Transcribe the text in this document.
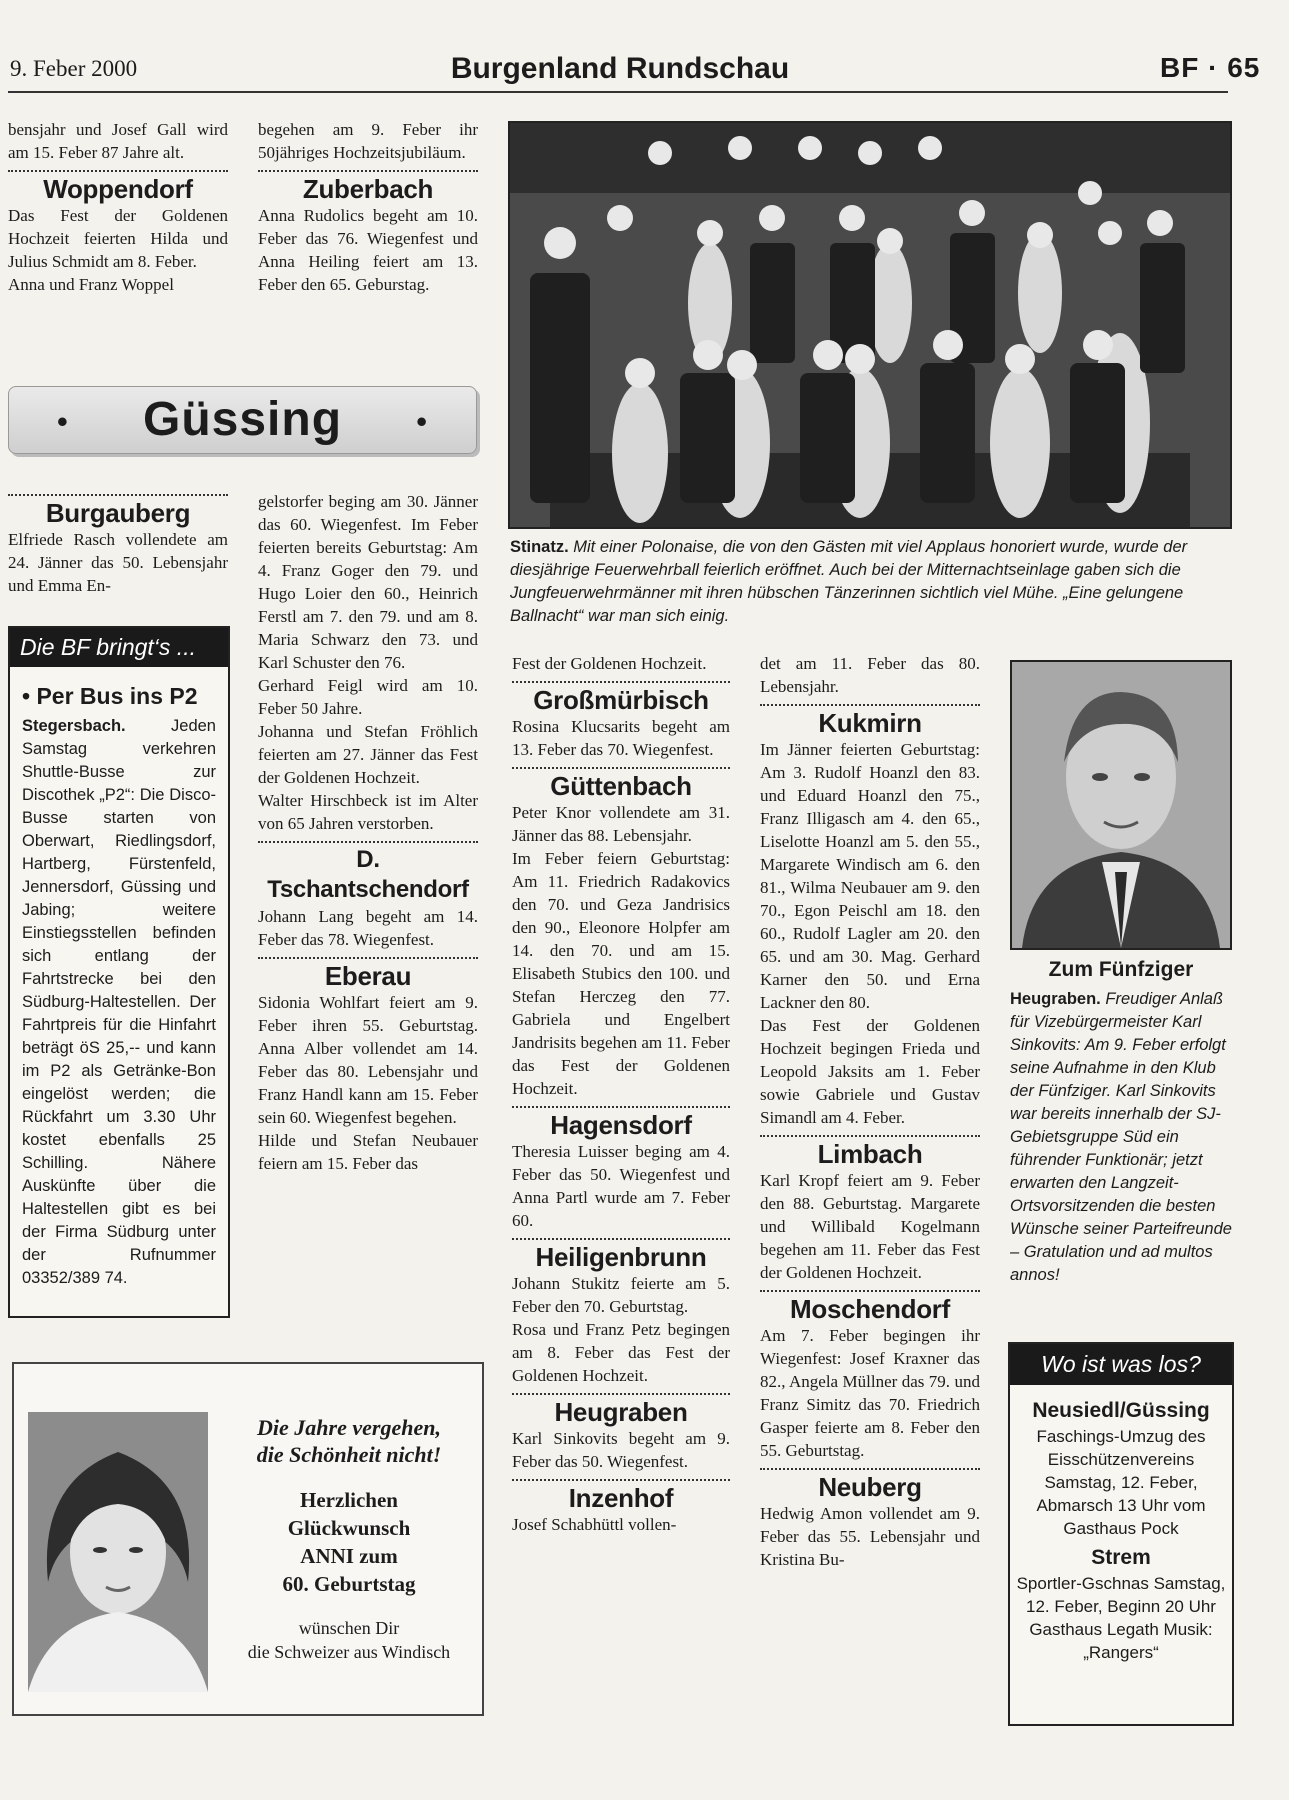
9. Feber 2000	Burgenland Rundschau	BF · 65

bensjahr und Josef Gall wird am 15. Feber 87 Jahre alt.

Woppendorf

Das Fest der Goldenen Hochzeit feierten Hilda und Julius Schmidt am 8. Feber.

Anna und Franz Woppel

begehen am 9. Feber ihr 50jähriges Hochzeitsjubiläum.

Zuberbach

Anna Rudolics begeht am 10. Feber das 76. Wiegenfest und Anna Heiling feiert am 13. Feber den 65. Geburstag.

• Güssing •
Burgauberg

Elfriede Rasch vollendete am 24. Jänner das 50. Lebensjahr und Emma En-

Die BF bringt‘s ...
• Per Bus ins P2
Stegersbach.	Jeden Samstag verkehren Shuttle-Busse zur Discothek „P2“: Die Disco-Busse starten von Oberwart, Riedlingsdorf, Hartberg, Fürstenfeld, Jennersdorf, Güssing und Jabing; weitere Einstiegsstellen befinden sich entlang der Fahrtstrecke bei den Südburg-Haltestellen. Der Fahrtpreis für die Hinfahrt beträgt öS 25,-- und kann im P2 als Getränke-Bon eingelöst werden; die Rückfahrt um 3.30 Uhr kostet ebenfalls 25 Schilling. Nähere Auskünfte über die Haltestellen gibt es bei der Firma Südburg unter der Rufnummer 03352/389 74.

gelstorfer beging am 30. Jänner das 60. Wiegenfest. Im Feber feierten bereits Geburtstag: Am 4. Franz Goger den 79. und Hugo Loier den 60., Heinrich Ferstl am 7. den 79. und am 8. Maria Schwarz den 73. und Karl Schuster den 76.

Gerhard Feigl wird am 10. Feber 50 Jahre.

Johanna und Stefan Fröhlich feierten am 27. Jänner das Fest der Goldenen Hochzeit.

Walter Hirschbeck ist im Alter von 65 Jahren verstorben.

D. Tschantschendorf

Johann Lang begeht am 14. Feber das 78. Wiegenfest.

Eberau

Sidonia Wohlfart feiert am 9. Feber ihren 55. Geburtstag. Anna Alber vollendet am 14. Feber das 80. Lebensjahr und Franz Handl kann am 15. Feber sein 60. Wiegenfest begehen.

Hilde und Stefan Neubauer feiern am 15. Feber das

Stinatz. Mit einer Polonaise, die von den Gästen mit viel Applaus honoriert wurde, wurde der diesjährige Feuerwehrball feierlich eröffnet. Auch bei der Mitternachtseinlage gaben sich die Jungfeuerwehrmänner mit ihren hübschen Tänzerinnen sichtlich viel Mühe. „Eine gelungene Ballnacht“ war man sich einig.

Fest der Goldenen Hochzeit.

Großmürbisch

Rosina Klucsarits begeht am 13. Feber das 70. Wiegenfest.

Güttenbach

Peter Knor vollendete am 31. Jänner das 88. Lebensjahr.

Im Feber feiern Geburtstag: Am 11. Friedrich Radakovics den 70. und Geza Jandrisics den 90., Eleonore Holpfer am 14. den 70. und am 15. Elisabeth Stubics den 100. und Stefan Herczeg den 77. Gabriela und Engelbert Jandrisits begehen am 11. Feber das Fest der Goldenen Hochzeit.

Hagensdorf

Theresia Luisser beging am 4. Feber das 50. Wiegenfest und Anna Partl wurde am 7. Feber 60.

Heiligenbrunn

Johann Stukitz feierte am 5. Feber den 70. Geburtstag.

Rosa und Franz Petz begingen am 8. Feber das Fest der Goldenen Hochzeit.

Heugraben

Karl Sinkovits begeht am 9. Feber das 50. Wiegenfest.

Inzenhof

Josef Schabhüttl vollen-

det am 11. Feber das 80. Lebensjahr.

Kukmirn

Im Jänner feierten Geburtstag: Am 3. Rudolf Hoanzl den 83. und Eduard Hoanzl den 75., Franz Illigasch am 4. den 65., Liselotte Hoanzl am 5. den 55., Margarete Windisch am 6. den 81., Wilma Neubauer am 9. den 70., Egon Peischl am 18. den 60., Rudolf Lagler am 20. den 65. und am 30. Mag. Gerhard Karner den 50. und Erna Lackner den 80.

Das Fest der Goldenen Hochzeit begingen Frieda und Leopold Jaksits am 1. Feber sowie Gabriele und Gustav Simandl am 4. Feber.

Limbach

Karl Kropf feiert am 9. Feber den 88. Geburtstag. Margarete und Willibald Kogelmann begehen am 11. Feber das Fest der Goldenen Hochzeit.

Moschendorf

Am 7. Feber begingen ihr Wiegenfest: Josef Kraxner das 82., Angela Müllner das 79. und Franz Simitz das 70. Friedrich Gasper feierte am 8. Feber den 55. Geburtstag.

Neuberg

Hedwig Amon vollendet am 9. Feber das 55. Lebensjahr und Kristina Bu-

Zum Fünfziger
Heugraben. Freudiger Anlaß für Vizebürgermeister Karl Sinkovits: Am 9. Feber erfolgt seine Aufnahme in den Klub der Fünfziger. Karl Sinkovits war bereits innerhalb der SJ-Gebietsgruppe Süd ein führender Funktionär; jetzt erwarten den Langzeit-Ortsvorsitzenden die besten Wünsche seiner Parteifreunde – Gratulation und ad multos annos!
Wo ist was los?
Neusiedl/Güssing
Faschings-Umzug des Eisschützenvereins Samstag, 12. Feber, Abmarsch 13 Uhr vom Gasthaus Pock
Strem
Sportler-Gschnas Samstag, 12. Feber, Beginn 20 Uhr Gasthaus Legath Musik: „Rangers“
Die Jahre vergehen,
die Schönheit nicht!
Herzlichen
Glückwunsch
ANNI zum
60. Geburtstag
wünschen Dir
die Schweizer aus Windisch
